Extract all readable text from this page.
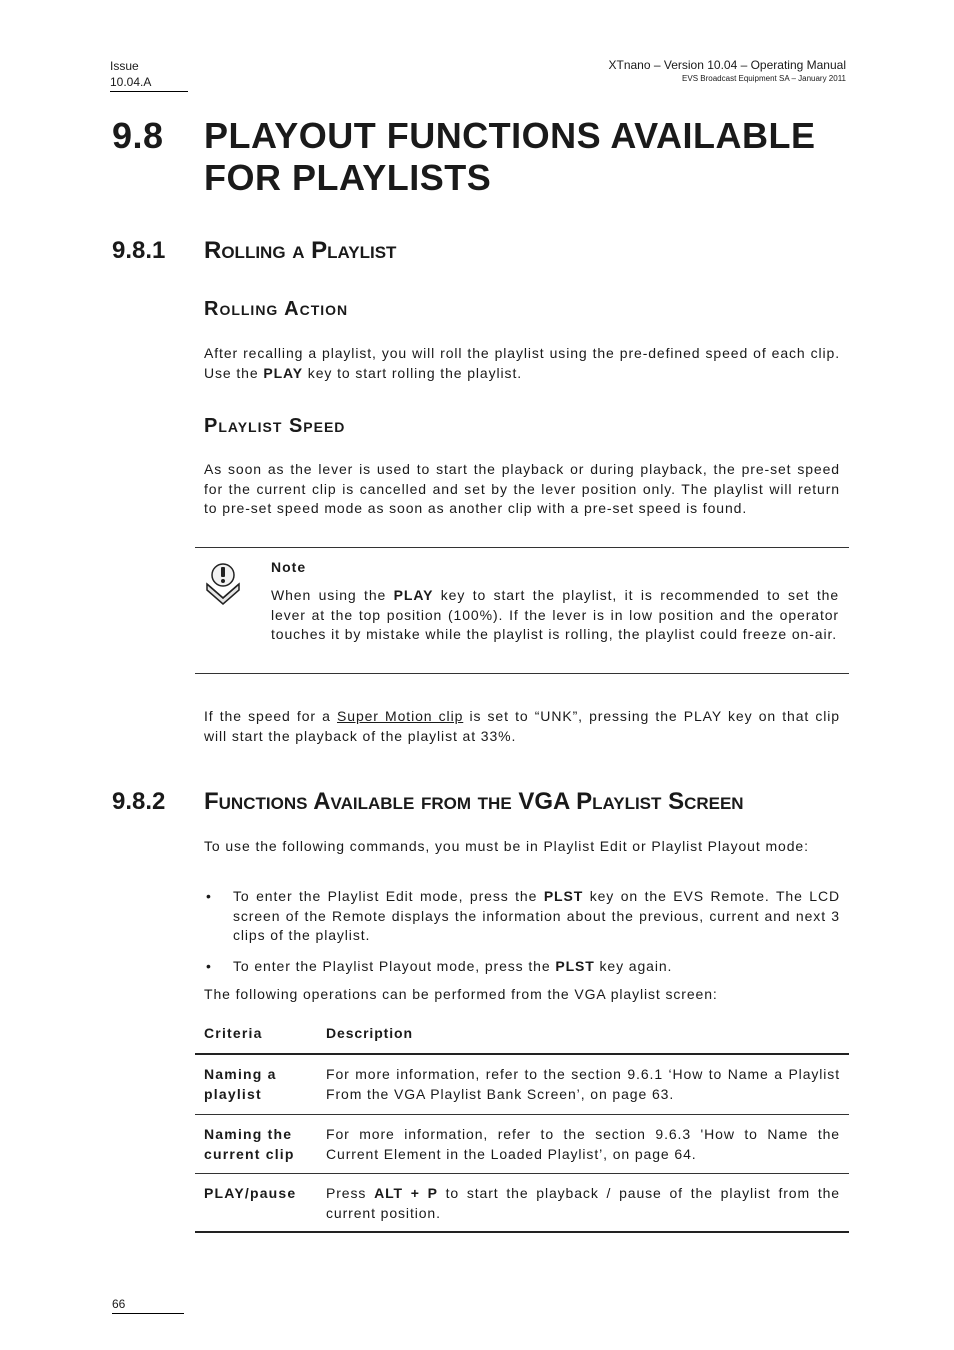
Issue
10.04.A
XTnano – Version 10.04 – Operating Manual
EVS Broadcast Equipment SA – January 2011
9.8 PLAYOUT FUNCTIONS AVAILABLE FOR PLAYLISTS
9.8.1 Rolling a Playlist
Rolling Action
After recalling a playlist, you will roll the playlist using the pre-defined speed of each clip. Use the PLAY key to start rolling the playlist.
Playlist Speed
As soon as the lever is used to start the playback or during playback, the pre-set speed for the current clip is cancelled and set by the lever position only. The playlist will return to pre-set speed mode as soon as another clip with a pre-set speed is found.
Note
When using the PLAY key to start the playlist, it is recommended to set the lever at the top position (100%). If the lever is in low position and the operator touches it by mistake while the playlist is rolling, the playlist could freeze on-air.
If the speed for a Super Motion clip is set to “UNK”, pressing the PLAY key on that clip will start the playback of the playlist at 33%.
9.8.2 Functions Available from the VGA Playlist Screen
To use the following commands, you must be in Playlist Edit or Playlist Playout mode:
• To enter the Playlist Edit mode, press the PLST key on the EVS Remote. The LCD screen of the Remote displays the information about the previous, current and next 3 clips of the playlist.
• To enter the Playlist Playout mode, press the PLST key again.
The following operations can be performed from the VGA playlist screen:
Criteria	Description
Naming a playlist
For more information, refer to the section 9.6.1 ‘How to Name a Playlist From the VGA Playlist Bank Screen’, on page 63.
Naming the current clip
For more information, refer to the section 9.6.3 'How to Name the Current Element in the Loaded Playlist’, on page 64.
PLAY/pause Press ALT + P to start the playback / pause of the playlist from the current position.
66
